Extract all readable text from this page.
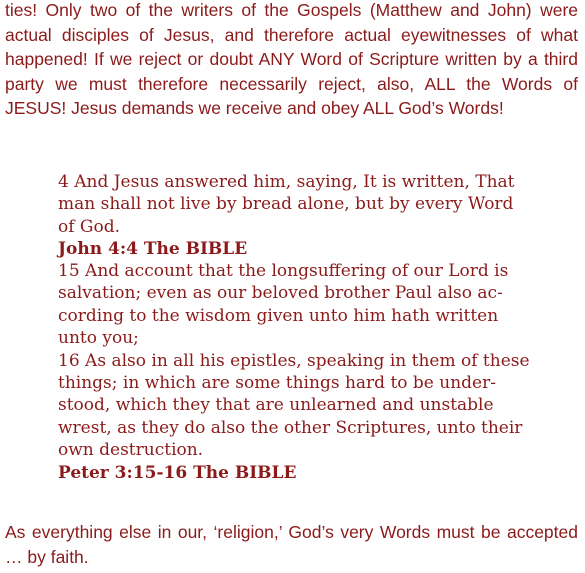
ties! Only two of the writers of the Gospels (Matthew and John) were actual disciples of Jesus, and therefore actual eyewitnesses of what happened! If we reject or doubt ANY Word of Scripture written by a third party we must therefore necessarily reject, also, ALL the Words of JESUS! Jesus demands we receive and obey ALL God’s Words!
4 And Jesus answered him, saying, It is written, That
man shall not live by bread alone, but by every Word
of God.
John 4:4 The BIBLE
15 And account that the longsuffering of our Lord is
salvation; even as our beloved brother Paul also ac-
cording to the wisdom given unto him hath written
unto you;
16 As also in all his epistles, speaking in them of these
things; in which are some things hard to be under-
stood, which they that are unlearned and unstable
wrest, as they do also the other Scriptures, unto their
own destruction.
Peter 3:15-16 The BIBLE
As everything else in our, ‘religion,’ God’s very Words must be accepted … by faith.
